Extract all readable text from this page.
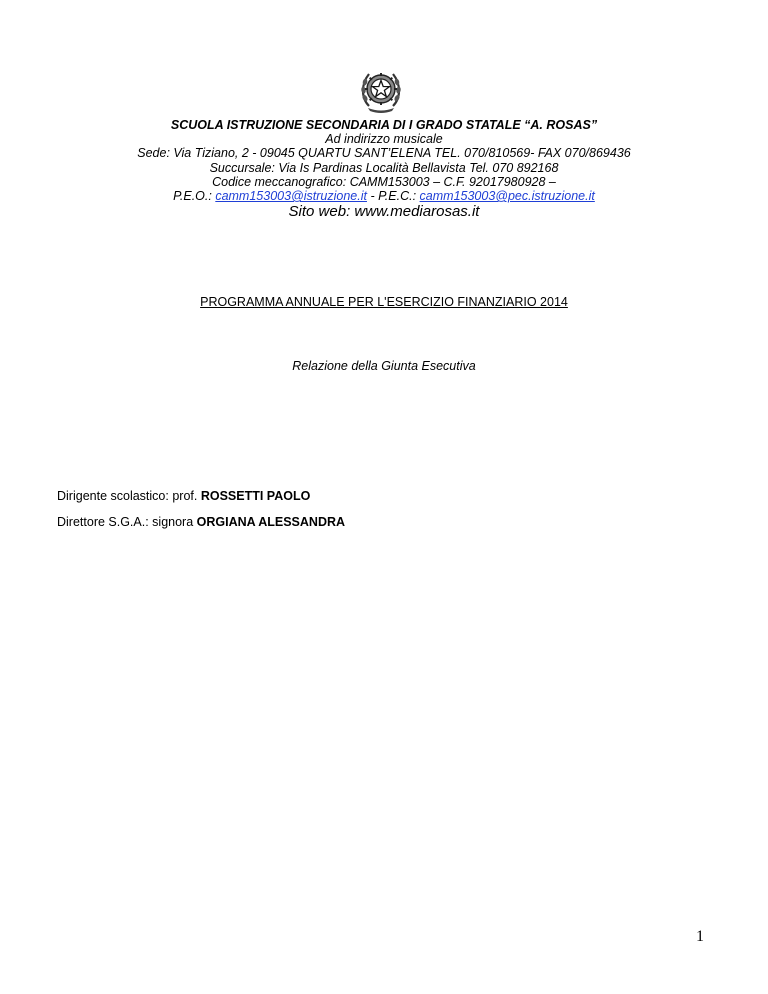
SCUOLA ISTRUZIONE SECONDARIA DI I GRADO STATALE “A. ROSAS”
Ad indirizzo musicale
Sede: Via Tiziano, 2 - 09045 QUARTU SANT’ELENA TEL. 070/810569- FAX 070/869436
Succursale: Via Is Pardinas Località Bellavista Tel. 070 892168
Codice meccanografico: CAMM153003 – C.F. 92017980928 –
P.E.O.: camm153003@istruzione.it - P.E.C.: camm153003@pec.istruzione.it
Sito web: www.mediarosas.it
PROGRAMMA ANNUALE PER L'ESERCIZIO FINANZIARIO 2014
Relazione della Giunta Esecutiva
Dirigente scolastico: prof. ROSSETTI PAOLO
Direttore S.G.A.: signora ORGIANA ALESSANDRA
1
